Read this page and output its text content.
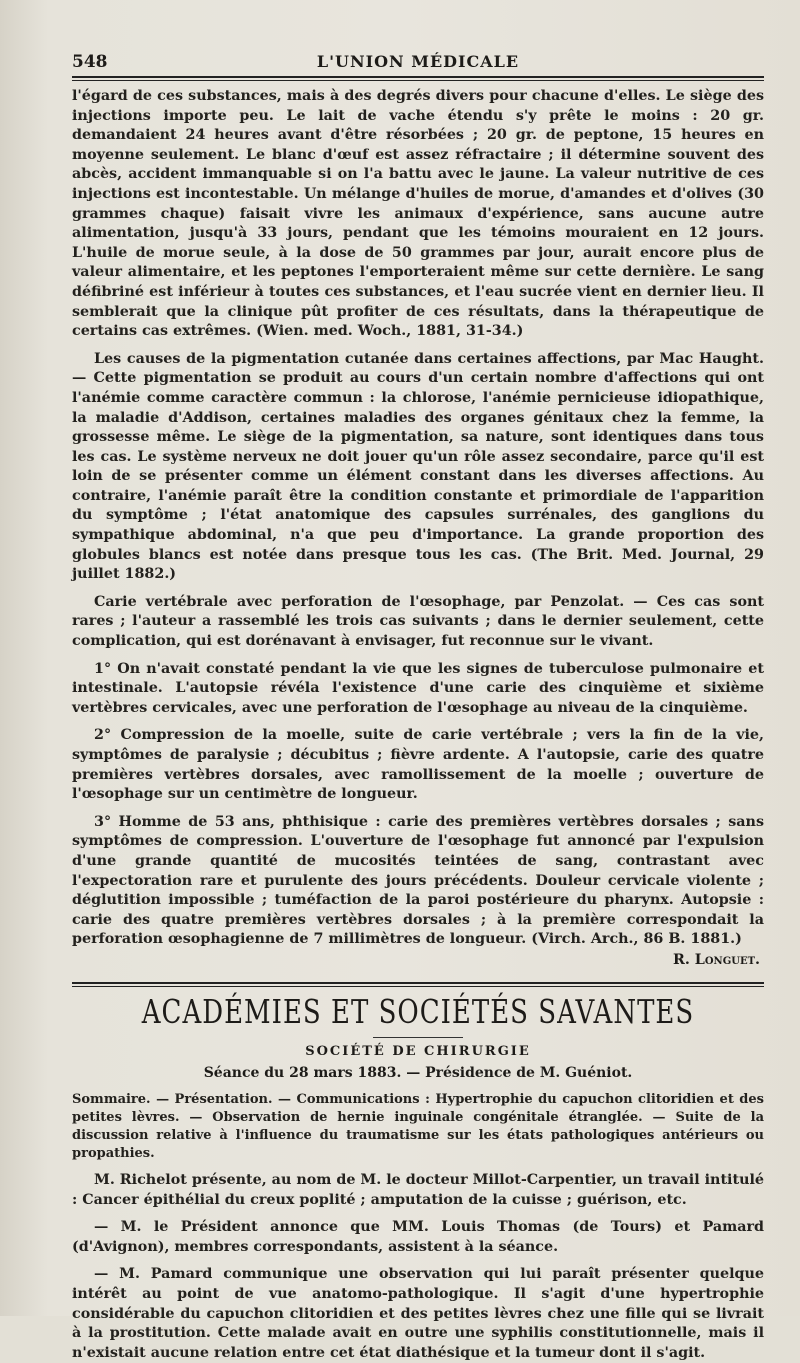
548	L'UNION MÉDICALE

l'égard de ces substances, mais à des degrés divers pour chacune d'elles. Le siège des injections importe peu. Le lait de vache étendu s'y prête le moins : 20 gr. demandaient 24 heures avant d'être résorbées ; 20 gr. de peptone, 15 heures en moyenne seulement. Le blanc d'œuf est assez réfractaire ; il détermine souvent des abcès, accident immanquable si on l'a battu avec le jaune. La valeur nutritive de ces injections est incontestable. Un mélange d'huiles de morue, d'amandes et d'olives (30 grammes chaque) faisait vivre les animaux d'expérience, sans aucune autre alimentation, jusqu'à 33 jours, pendant que les témoins mouraient en 12 jours. L'huile de morue seule, à la dose de 50 grammes par jour, aurait encore plus de valeur alimentaire, et les peptones l'emporteraient même sur cette dernière. Le sang défibriné est inférieur à toutes ces substances, et l'eau sucrée vient en dernier lieu. Il semblerait que la clinique pût profiter de ces résultats, dans la thérapeutique de certains cas extrêmes. (Wien. med. Woch., 1881, 31-34.)

Les causes de la pigmentation cutanée dans certaines affections, par Mac Haught. — Cette pigmentation se produit au cours d'un certain nombre d'affections qui ont l'anémie comme caractère commun : la chlorose, l'anémie pernicieuse idiopathique, la maladie d'Addison, certaines maladies des organes génitaux chez la femme, la grossesse même. Le siège de la pigmentation, sa nature, sont identiques dans tous les cas. Le système nerveux ne doit jouer qu'un rôle assez secondaire, parce qu'il est loin de se présenter comme un élément constant dans les diverses affections. Au contraire, l'anémie paraît être la condition constante et primordiale de l'apparition du symptôme ; l'état anatomique des capsules surrénales, des ganglions du sympathique abdominal, n'a que peu d'importance. La grande proportion des globules blancs est notée dans presque tous les cas. (The Brit. Med. Journal, 29 juillet 1882.)

Carie vertébrale avec perforation de l'œsophage, par Penzolat. — Ces cas sont rares ; l'auteur a rassemblé les trois cas suivants ; dans le dernier seulement, cette complication, qui est dorénavant à envisager, fut reconnue sur le vivant.

1° On n'avait constaté pendant la vie que les signes de tuberculose pulmonaire et intestinale. L'autopsie révéla l'existence d'une carie des cinquième et sixième vertèbres cervicales, avec une perforation de l'œsophage au niveau de la cinquième.

2° Compression de la moelle, suite de carie vertébrale ; vers la fin de la vie, symptômes de paralysie ; décubitus ; fièvre ardente. A l'autopsie, carie des quatre premières vertèbres dorsales, avec ramollissement de la moelle ; ouverture de l'œsophage sur un centimètre de longueur.

3° Homme de 53 ans, phthisique : carie des premières vertèbres dorsales ; sans symptômes de compression. L'ouverture de l'œsophage fut annoncé par l'expulsion d'une grande quantité de mucosités teintées de sang, contrastant avec l'expectoration rare et purulente des jours précédents. Douleur cervicale violente ; déglutition impossible ; tuméfaction de la paroi postérieure du pharynx. Autopsie : carie des quatre premières vertèbres dorsales ; à la première correspondait la perforation œsophagienne de 7 millimètres de longueur. (Virch. Arch., 86 B. 1881.)

R. Longuet.
ACADÉMIES ET SOCIÉTÉS SAVANTES
SOCIÉTÉ DE CHIRURGIE
Séance du 28 mars 1883. — Présidence de M. Guéniot.

Sommaire. — Présentation. — Communications : Hypertrophie du capuchon clitoridien et des petites lèvres. — Observation de hernie inguinale congénitale étranglée. — Suite de la discussion relative à l'influence du traumatisme sur les états pathologiques antérieurs ou propathies.

M. Richelot présente, au nom de M. le docteur Millot-Carpentier, un travail intitulé : Cancer épithélial du creux poplité ; amputation de la cuisse ; guérison, etc.

— M. le Président annonce que MM. Louis Thomas (de Tours) et Pamard (d'Avignon), membres correspondants, assistent à la séance.

— M. Pamard communique une observation qui lui paraît présenter quelque intérêt au point de vue anatomo-pathologique. Il s'agit d'une hypertrophie considérable du capuchon clitoridien et des petites lèvres chez une fille qui se livrait à la prostitution. Cette malade avait en outre une syphilis constitutionnelle, mais il n'existait aucune relation entre cet état diathésique et la tumeur dont il s'agit.
